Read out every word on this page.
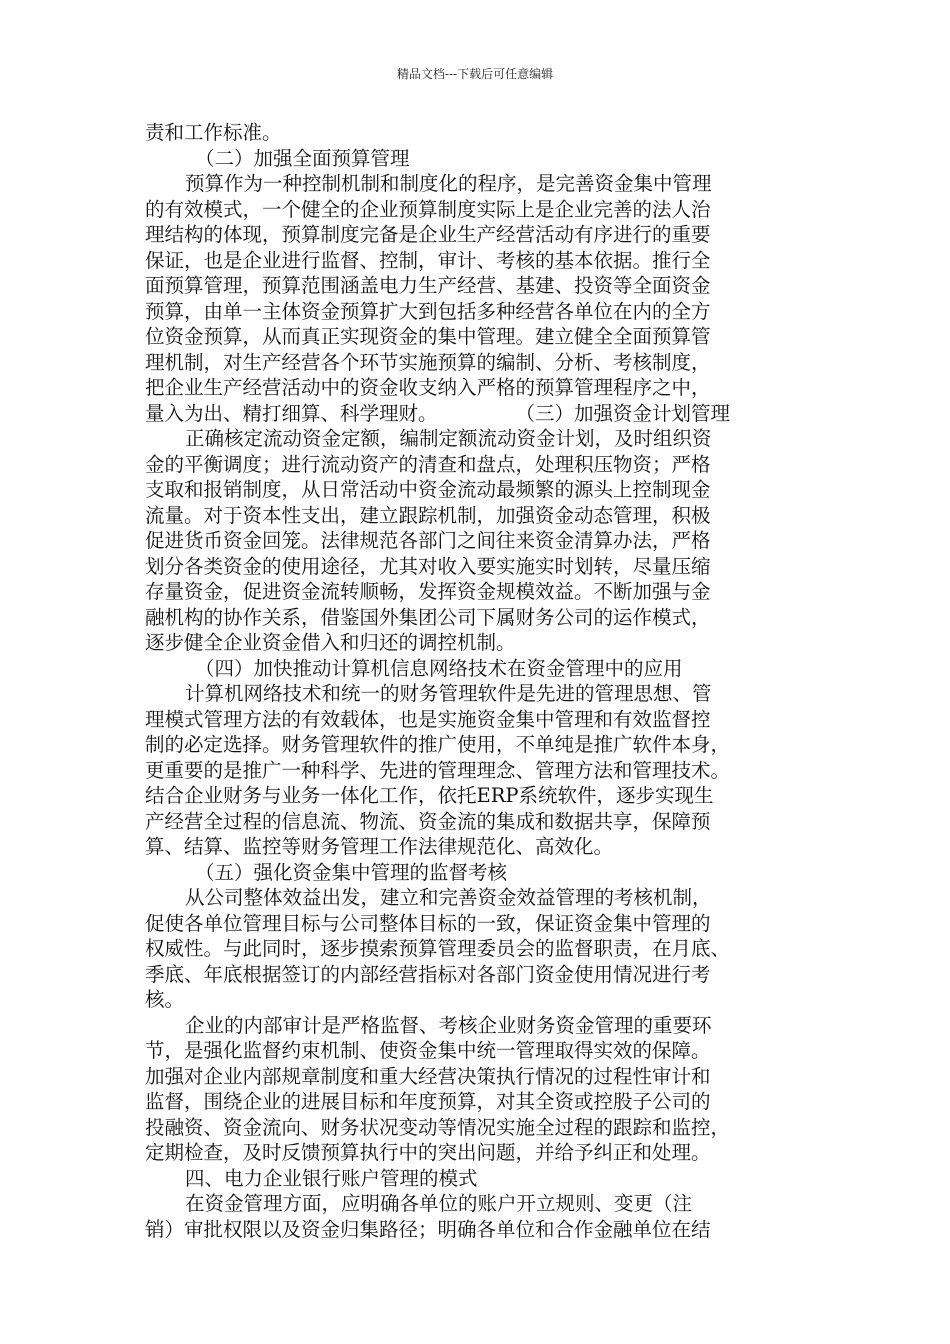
精品文档---下载后可任意编辑
责和工作标准。
（二）加强全面预算管理
预算作为一种控制机制和制度化的程序，是完善资金集中管理
的有效模式，一个健全的企业预算制度实际上是企业完善的法人治
理结构的体现，预算制度完备是企业生产经营活动有序进行的重要
保证，也是企业进行监督、控制，审计、考核的基本依据。推行全
面预算管理，预算范围涵盖电力生产经营、基建、投资等全面资金
预算，由单一主体资金预算扩大到包括多种经营各单位在内的全方
位资金预算，从而真正实现资金的集中管理。建立健全全面预算管
理机制，对生产经营各个环节实施预算的编制、分析、考核制度，
把企业生产经营活动中的资金收支纳入严格的预算管理程序之中，
量入为出、精打细算、科学理财。　　　　　（三）加强资金计划管理
正确核定流动资金定额，编制定额流动资金计划，及时组织资
金的平衡调度；进行流动资产的清查和盘点，处理积压物资；严格
支取和报销制度，从日常活动中资金流动最频繁的源头上控制现金
流量。对于资本性支出，建立跟踪机制，加强资金动态管理，积极
促进货币资金回笼。法律规范各部门之间往来资金清算办法，严格
划分各类资金的使用途径，尤其对收入要实施实时划转，尽量压缩
存量资金，促进资金流转顺畅，发挥资金规模效益。不断加强与金
融机构的协作关系，借鉴国外集团公司下属财务公司的运作模式，
逐步健全企业资金借入和归还的调控机制。
（四）加快推动计算机信息网络技术在资金管理中的应用
计算机网络技术和统一的财务管理软件是先进的管理思想、管
理模式管理方法的有效载体，也是实施资金集中管理和有效监督控
制的必定选择。财务管理软件的推广使用，不单纯是推广软件本身，
更重要的是推广一种科学、先进的管理理念、管理方法和管理技术。
结合企业财务与业务一体化工作，依托ERP系统软件，逐步实现生
产经营全过程的信息流、物流、资金流的集成和数据共享，保障预
算、结算、监控等财务管理工作法律规范化、高效化。
（五）强化资金集中管理的监督考核
从公司整体效益出发，建立和完善资金效益管理的考核机制，
促使各单位管理目标与公司整体目标的一致，保证资金集中管理的
权威性。与此同时，逐步摸索预算管理委员会的监督职责，在月底、
季底、年底根据签订的内部经营指标对各部门资金使用情况进行考
核。
企业的内部审计是严格监督、考核企业财务资金管理的重要环
节，是强化监督约束机制、使资金集中统一管理取得实效的保障。
加强对企业内部规章制度和重大经营决策执行情况的过程性审计和
监督，围绕企业的进展目标和年度预算，对其全资或控股子公司的
投融资、资金流向、财务状况变动等情况实施全过程的跟踪和监控，
定期检查，及时反馈预算执行中的突出问题，并给予纠正和处理。
四、电力企业银行账户管理的模式
在资金管理方面，应明确各单位的账户开立规则、变更（注
销）审批权限以及资金归集路径；明确各单位和合作金融单位在结
